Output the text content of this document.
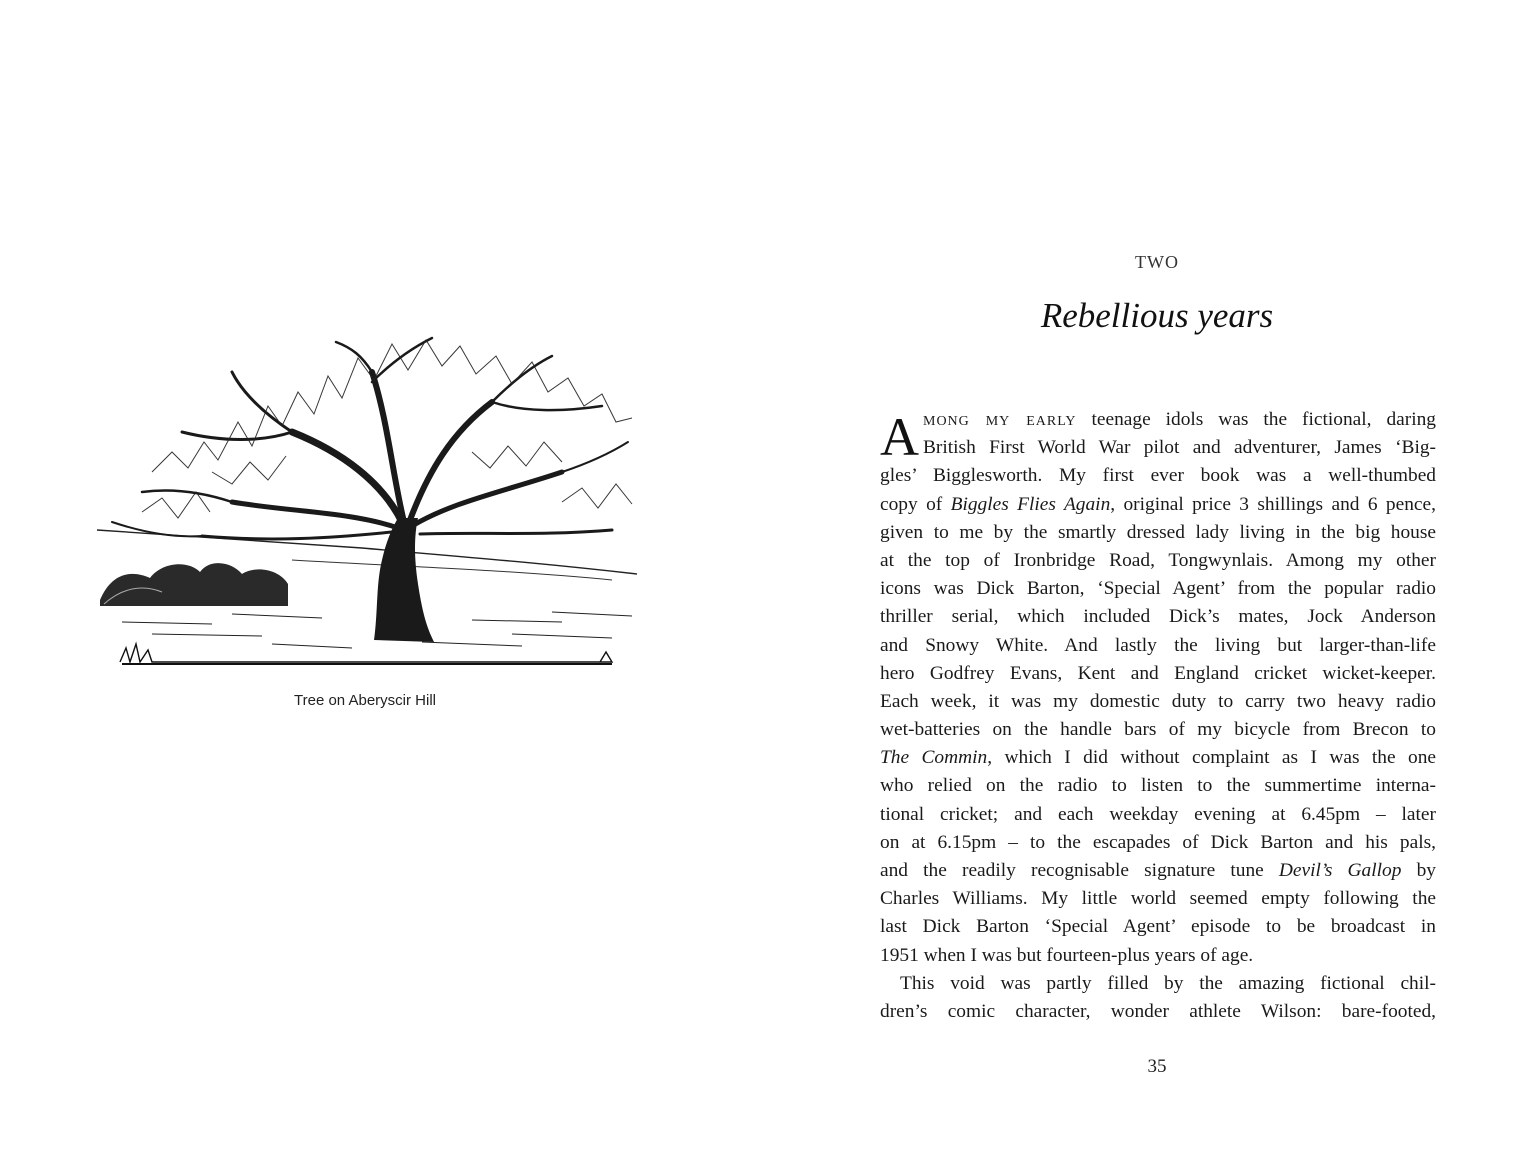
Tree on Aberyscir Hill
TWO
Rebellious years
A mong my early teenage idols was the fictional, daring
British First World War pilot and adventurer, James ‘Big-
gles’ Bigglesworth. My first ever book was a well-thumbed
copy of Biggles Flies Again, original price 3 shillings and 6 pence,
given to me by the smartly dressed lady living in the big house
at the top of Ironbridge Road, Tongwynlais. Among my other
icons was Dick Barton, ‘Special Agent’ from the popular radio
thriller serial, which included Dick’s mates, Jock Anderson
and Snowy White. And lastly the living but larger-than-life
hero Godfrey Evans, Kent and England cricket wicket-keeper.
Each week, it was my domestic duty to carry two heavy radio
wet-batteries on the handle bars of my bicycle from Brecon to
The Commin, which I did without complaint as I was the one
who relied on the radio to listen to the summertime interna-
tional cricket; and each weekday evening at 6.45pm – later
on at 6.15pm – to the escapades of Dick Barton and his pals,
and the readily recognisable signature tune Devil’s Gallop by
Charles Williams. My little world seemed empty following the
last Dick Barton ‘Special Agent’ episode to be broadcast in
1951 when I was but fourteen-plus years of age.
This void was partly filled by the amazing fictional chil-
dren’s comic character, wonder athlete Wilson: bare-footed,
35
